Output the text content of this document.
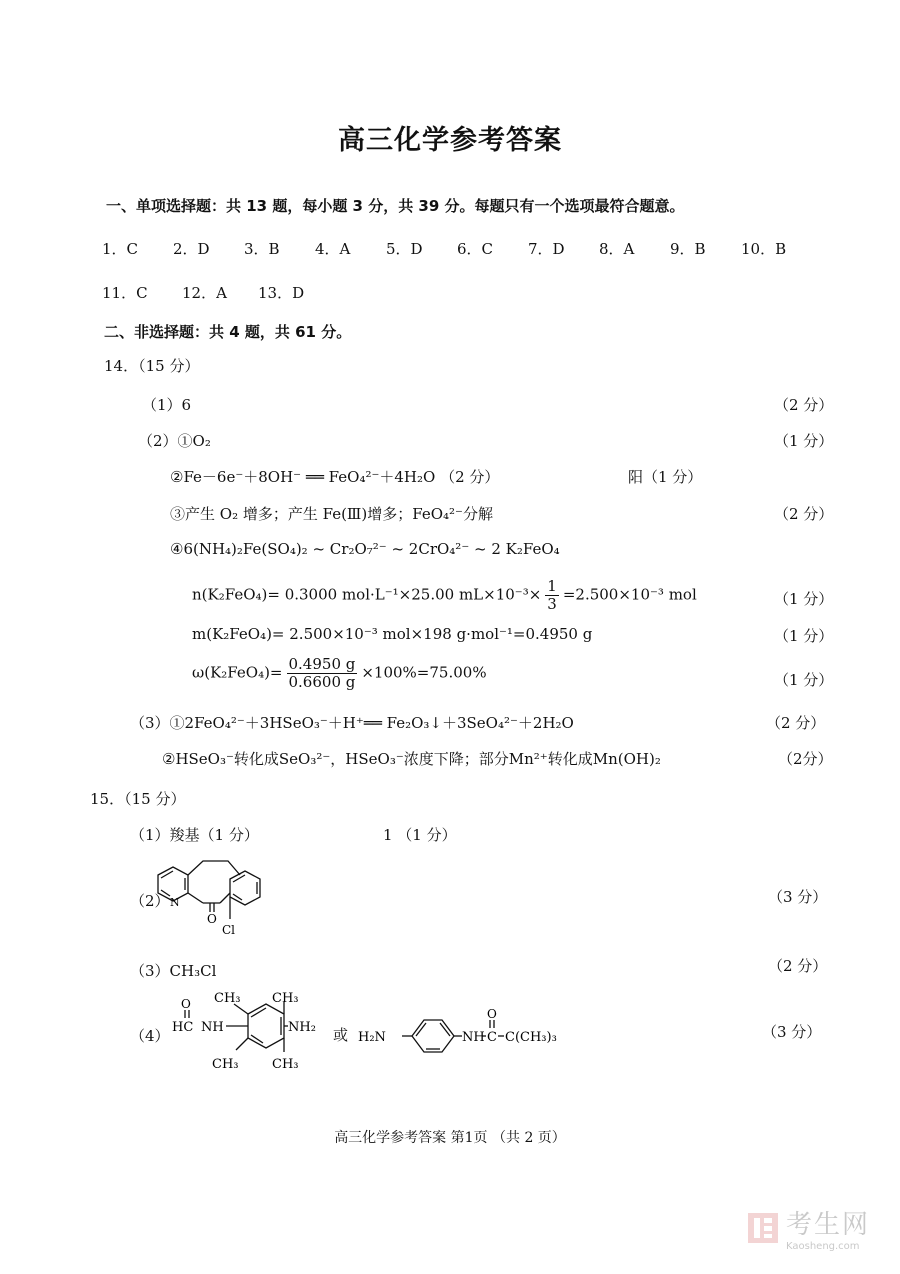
高三化学参考答案
一、单项选择题：共 13 题，每小题 3 分，共 39 分。每题只有一个选项最符合题意。
1．C 2．D 3．B 4．A 5．D 6．C 7．D 8．A 9．B 10．B
11．C 12．A 13．D
二、非选择题：共 4 题，共 61 分。
14．（15 分）
（1）6	（2 分）
（2）①O₂	（1 分）
②Fe－6e⁻＋8OH⁻ ══ FeO₄²⁻＋4H₂O （2 分）	阳（1 分）
③产生 O₂ 增多；产生 Fe(Ⅲ)增多；FeO₄²⁻分解	（2 分）
④6(NH₄)₂Fe(SO₄)₂ ~ Cr₂O₇²⁻ ~ 2CrO₄²⁻ ~ 2 K₂FeO₄
n(K₂FeO₄)= 0.3000 mol·L⁻¹×25.00 $mL\times 10^{-3}\times \frac{1}{3} =2.500\times 10^{-3}$ mol	（1 分）
m(K₂FeO₄)= 2.500×10⁻³ mol×198 g·mol⁻¹=0.4950 g	（1 分）
$\omega(K_2FeO_4)= \frac{0.4950 g}{0.6600 g} \times 100\%=75.00\%$	（1 分）
（3）①2FeO₄²⁻＋3HSeO₃⁻＋H⁺══ Fe₂O₃↓＋3SeO₄²⁻＋2H₂O	（2 分）
②HSeO₃⁻转化成SeO₃²⁻，HSeO₃⁻浓度下降；部分Mn²⁺转化成Mn(OH)₂	（2分）
15．（15 分）
（1）羧基（1 分）	1 （1 分）
（2） N
O
Cl
（3 分）
（3）CH₃Cl	（2 分）
（4）
O
HC NH	NH₂
CH₃ CH₃
CH₃	CH₃
或 H₂N	NH C
O
C(CH₃)₃	（3 分）
高三化学参考答案 第1页 （共 2 页）
考生网
Kaosheng.com
